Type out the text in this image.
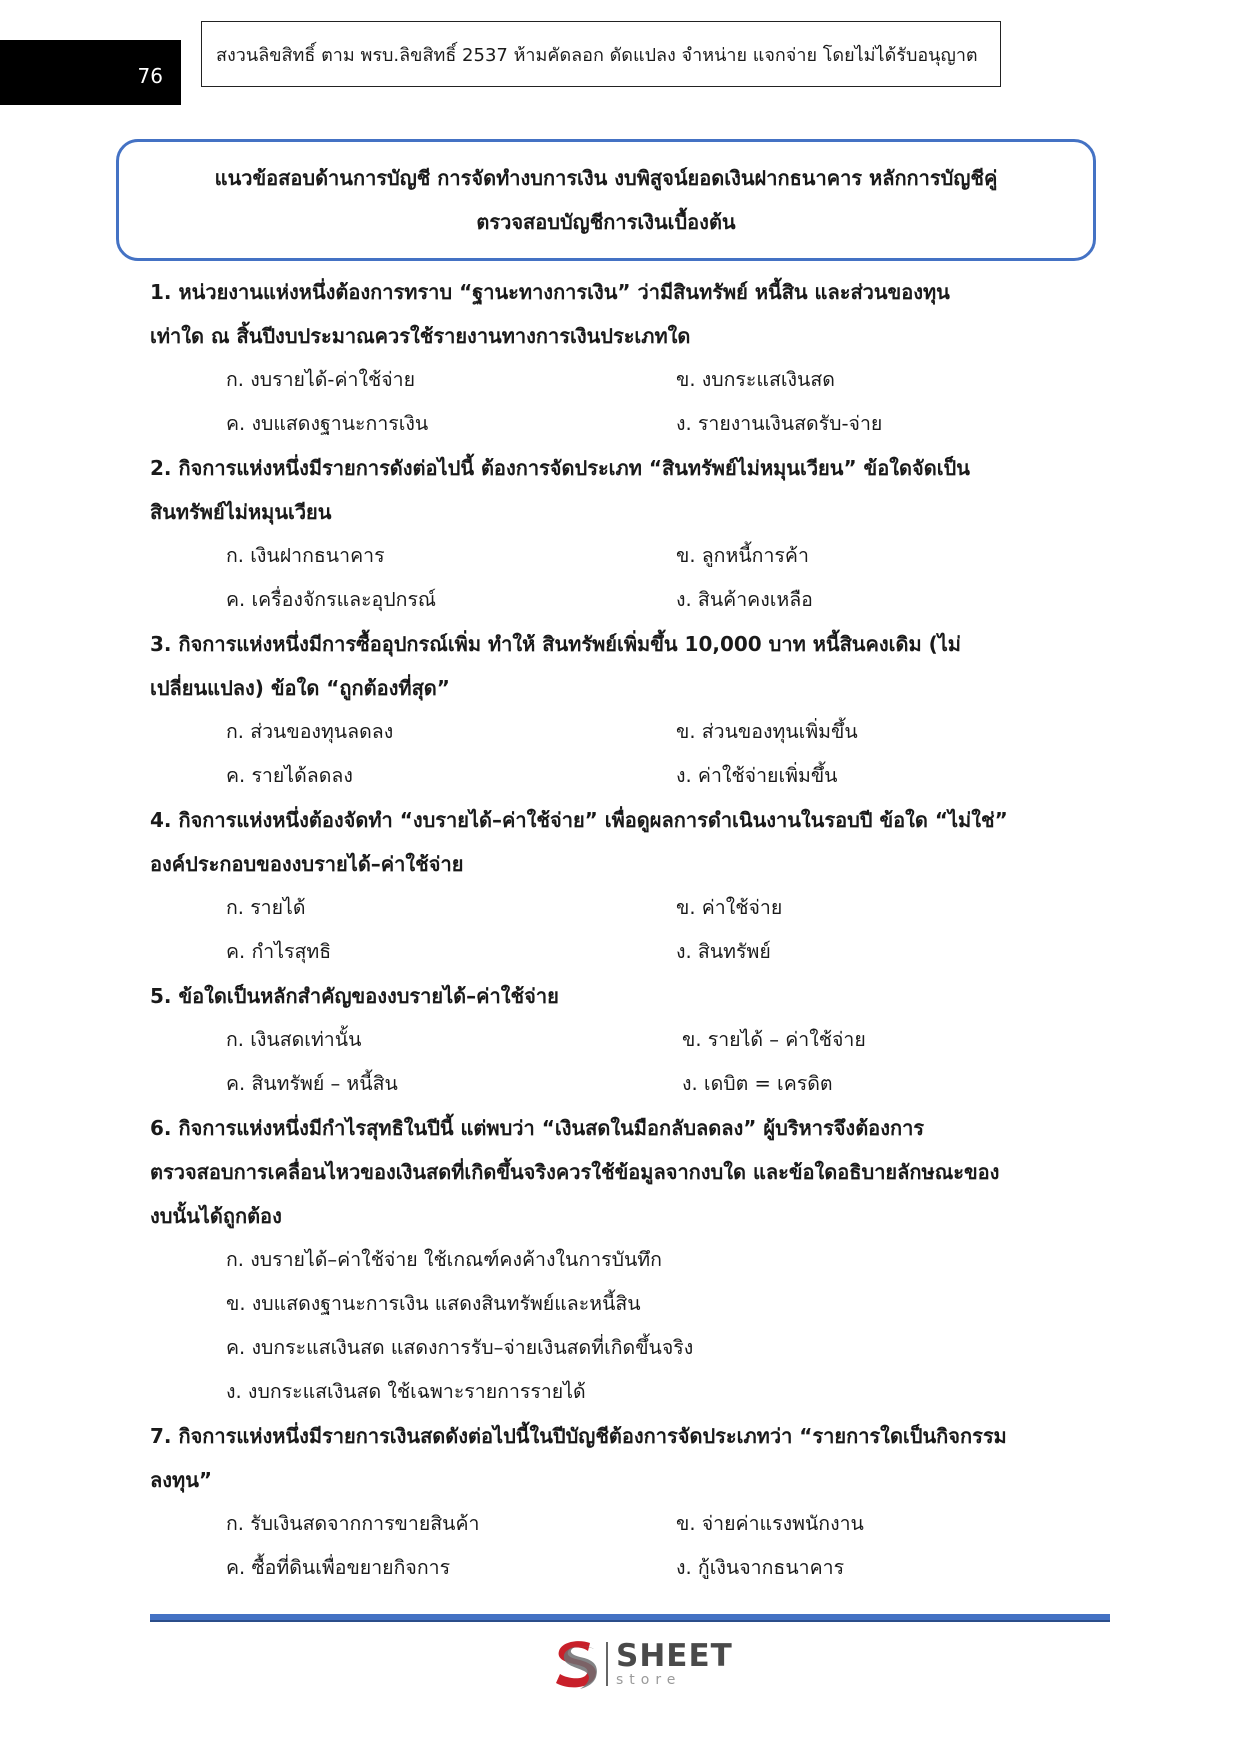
76
สงวนลิขสิทธิ์ ตาม พรบ.ลิขสิทธิ์ 2537 ห้ามคัดลอก ดัดแปลง จำหน่าย แจกจ่าย โดยไม่ได้รับอนุญาต
แนวข้อสอบด้านการบัญชี การจัดทำงบการเงิน งบพิสูจน์ยอดเงินฝากธนาคาร หลักการบัญชีคู่
ตรวจสอบบัญชีการเงินเบื้องต้น
1. หน่วยงานแห่งหนึ่งต้องการทราบ “ฐานะทางการเงิน” ว่ามีสินทรัพย์ หนี้สิน และส่วนของทุน
เท่าใด ณ สิ้นปีงบประมาณควรใช้รายงานทางการเงินประเภทใด
ก. งบรายได้-ค่าใช้จ่าย	ข. งบกระแสเงินสด
ค. งบแสดงฐานะการเงิน	ง. รายงานเงินสดรับ-จ่าย
2. กิจการแห่งหนึ่งมีรายการดังต่อไปนี้ ต้องการจัดประเภท “สินทรัพย์ไม่หมุนเวียน” ข้อใดจัดเป็น
สินทรัพย์ไม่หมุนเวียน
ก. เงินฝากธนาคาร	ข. ลูกหนี้การค้า
ค. เครื่องจักรและอุปกรณ์	ง. สินค้าคงเหลือ
3. กิจการแห่งหนึ่งมีการซื้ออุปกรณ์เพิ่ม ทำให้ สินทรัพย์เพิ่มขึ้น 10,000 บาท หนี้สินคงเดิม (ไม่
เปลี่ยนแปลง) ข้อใด “ถูกต้องที่สุด”
ก. ส่วนของทุนลดลง	ข. ส่วนของทุนเพิ่มขึ้น
ค. รายได้ลดลง	ง. ค่าใช้จ่ายเพิ่มขึ้น
4. กิจการแห่งหนึ่งต้องจัดทำ “งบรายได้–ค่าใช้จ่าย” เพื่อดูผลการดำเนินงานในรอบปี ข้อใด “ไม่ใช่”
องค์ประกอบของงบรายได้–ค่าใช้จ่าย
ก. รายได้	ข. ค่าใช้จ่าย
ค. กำไรสุทธิ	ง. สินทรัพย์
5. ข้อใดเป็นหลักสำคัญของงบรายได้–ค่าใช้จ่าย
ก. เงินสดเท่านั้น	ข. รายได้ – ค่าใช้จ่าย
ค. สินทรัพย์ – หนี้สิน	ง. เดบิต = เครดิต
6. กิจการแห่งหนึ่งมีกำไรสุทธิในปีนี้ แต่พบว่า “เงินสดในมือกลับลดลง” ผู้บริหารจึงต้องการ
ตรวจสอบการเคลื่อนไหวของเงินสดที่เกิดขึ้นจริงควรใช้ข้อมูลจากงบใด และข้อใดอธิบายลักษณะของ
งบนั้นได้ถูกต้อง
ก. งบรายได้–ค่าใช้จ่าย ใช้เกณฑ์คงค้างในการบันทึก
ข. งบแสดงฐานะการเงิน แสดงสินทรัพย์และหนี้สิน
ค. งบกระแสเงินสด แสดงการรับ–จ่ายเงินสดที่เกิดขึ้นจริง
ง. งบกระแสเงินสด ใช้เฉพาะรายการรายได้
7. กิจการแห่งหนึ่งมีรายการเงินสดดังต่อไปนี้ในปีบัญชีต้องการจัดประเภทว่า “รายการใดเป็นกิจกรรม
ลงทุน”
ก. รับเงินสดจากการขายสินค้า	ข. จ่ายค่าแรงพนักงาน
ค. ซื้อที่ดินเพื่อขยายกิจการ	ง. กู้เงินจากธนาคาร
SHEET
store
